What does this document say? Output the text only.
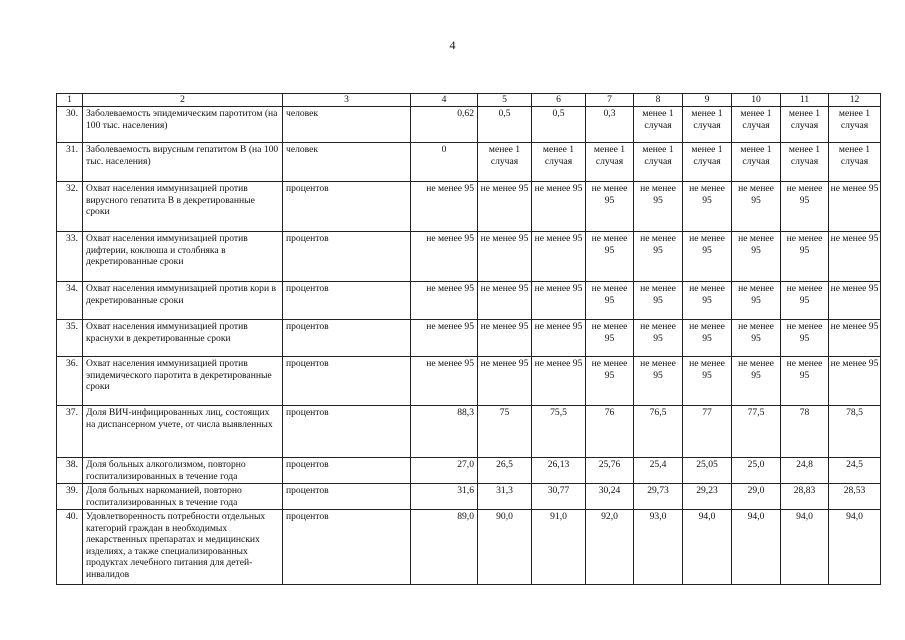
4
1	2	3	4	5	6	7	8	9	10	11	12
30.	Заболеваемость эпидемическим паротитом (на 100 тыс. населения)	человек	0,62	0,5	0,5	0,3	менее 1 случая	менее 1 случая	менее 1 случая	менее 1 случая	менее 1 случая
31.	Заболеваемость вирусным гепатитом В (на 100 тыс. населения)	человек	0	менее 1 случая	менее 1 случая	менее 1 случая	менее 1 случая	менее 1 случая	менее 1 случая	менее 1 случая	менее 1 случая
32.	Охват населения иммунизацией против вирусного гепатита В в декретированные сроки	процентов	не менее 95	не менее 95	не менее 95	не менее 95	не менее 95	не менее 95	не менее 95	не менее 95	не менее 95
33.	Охват населения иммунизацией против дифтерии, коклюша и столбняка в декретированные сроки	процентов	не менее 95	не менее 95	не менее 95	не менее 95	не менее 95	не менее 95	не менее 95	не менее 95	не менее 95
34.	Охват населения иммунизацией против кори в декретированные сроки	процентов	не менее 95	не менее 95	не менее 95	не менее 95	не менее 95	не менее 95	не менее 95	не менее 95	не менее 95
35.	Охват населения иммунизацией против краснухи в декретированные сроки	процентов	не менее 95	не менее 95	не менее 95	не менее 95	не менее 95	не менее 95	не менее 95	не менее 95	не менее 95
36.	Охват населения иммунизацией против эпидемического паротита в декретированные сроки	процентов	не менее 95	не менее 95	не менее 95	не менее 95	не менее 95	не менее 95	не менее 95	не менее 95	не менее 95
37.	Доля ВИЧ-инфицированных лиц, состоящих на диспансерном учете, от числа выявленных	процентов	88,3	75	75,5	76	76,5	77	77,5	78	78,5
38.	Доля больных алкоголизмом, повторно госпитализированных в течение года	процентов	27,0	26,5	26,13	25,76	25,4	25,05	25,0	24,8	24,5
39.	Доля больных наркоманией, повторно госпитализированных в течение года	процентов	31,6	31,3	30,77	30,24	29,73	29,23	29,0	28,83	28,53
40.	Удовлетворенность потребности отдельных категорий граждан в необходимых лекарственных препаратах и медицинских изделиях, а также специализированных продуктах лечебного питания для детей-инвалидов	процентов	89,0	90,0	91,0	92,0	93,0	94,0	94,0	94,0	94,0
